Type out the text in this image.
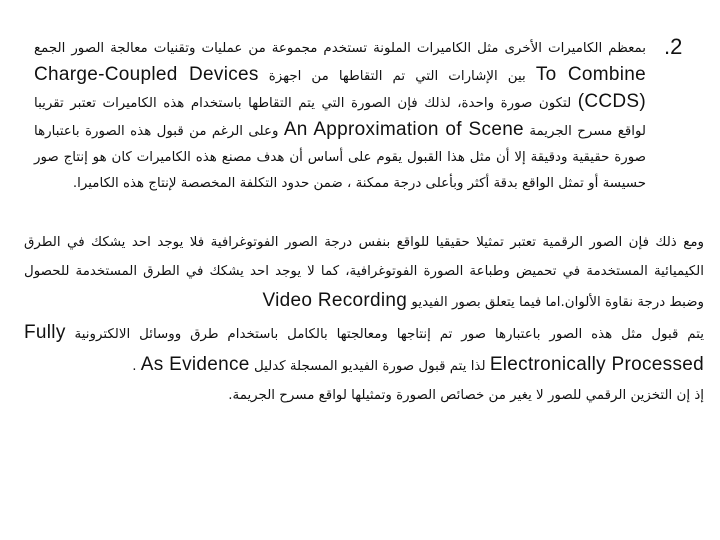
.2
بمعظم الكاميرات الأخرى مثل الكاميرات الملونة تستخدم مجموعة من عمليات وتقنيات معالجة الصور الجمع To Combine بين الإشارات التي تم التقاطها من اجهزة Charge-Coupled Devices (CCDS) لتكون صورة واحدة، لذلك فإن الصورة التي يتم التقاطها باستخدام هذه الكاميرات تعتبر تقريبا لواقع مسرح الجريمة An Approximation of Scene وعلى الرغم من قبول هذه الصورة باعتبارها صورة حقيقية ودقيقة إلا أن مثل هذا القبول يقوم على أساس أن هدف مصنع هذه الكاميرات كان هو إنتاج صور حسيسة أو تمثل الواقع بدقة أكثر وبأعلى درجة ممكنة ، ضمن حدود التكلفة المخصصة لإنتاج هذه الكاميرا.
ومع ذلك فإن الصور الرقمية تعتبر تمثيلا حقيقيا للواقع بنفس درجة الصور الفوتوغرافية فلا يوجد احد يشكك في الطرق الكيميائية المستخدمة في تحميض وطباعة الصورة الفوتوغرافية، كما لا يوجد احد يشكك في الطرق المستخدمة للحصول وضبط درجة نقاوة الألوان.اما فيما يتعلق بصور الفيديو Video Recording
يتم قبول مثل هذه الصور باعتبارها صور تم إنتاجها ومعالجتها بالكامل باستخدام طرق ووسائل الالكترونية Fully Electronically Processed لذا يتم قبول صورة الفيديو المسجلة كدليل As Evidence .
إذ إن التخزين الرقمي للصور لا يغير من خصائص الصورة وتمثيلها لواقع مسرح الجريمة.
